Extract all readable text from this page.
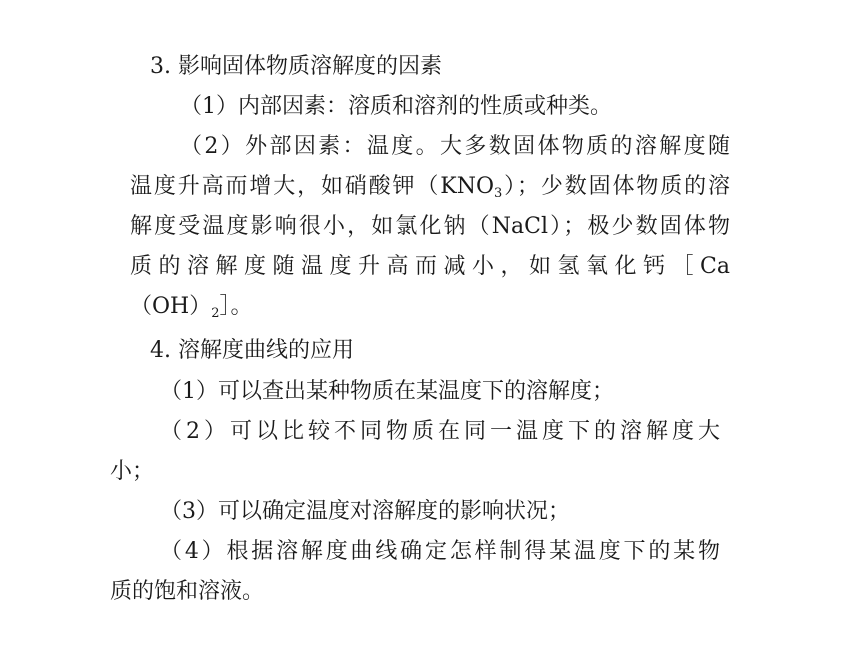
3. 影响固体物质溶解度的因素
（1）内部因素：溶质和溶剂的性质或种类。
（2）外部因素：温度。大多数固体物质的溶解度随
温度升高而增大，如硝酸钾$(KNO_3)$；少数固体物质的溶
解度受温度影响很小，如氯化钠（NaCl）；极少数固体物
质的溶解度随温度升高而减小，如氢氧化钙［Ca
$(OH)_2]$。
4. 溶解度曲线的应用
（1）可以查出某种物质在某温度下的溶解度；
（2）可以比较不同物质在同一温度下的溶解度大
小；
（3）可以确定温度对溶解度的影响状况；
（4）根据溶解度曲线确定怎样制得某温度下的某物
质的饱和溶液。
